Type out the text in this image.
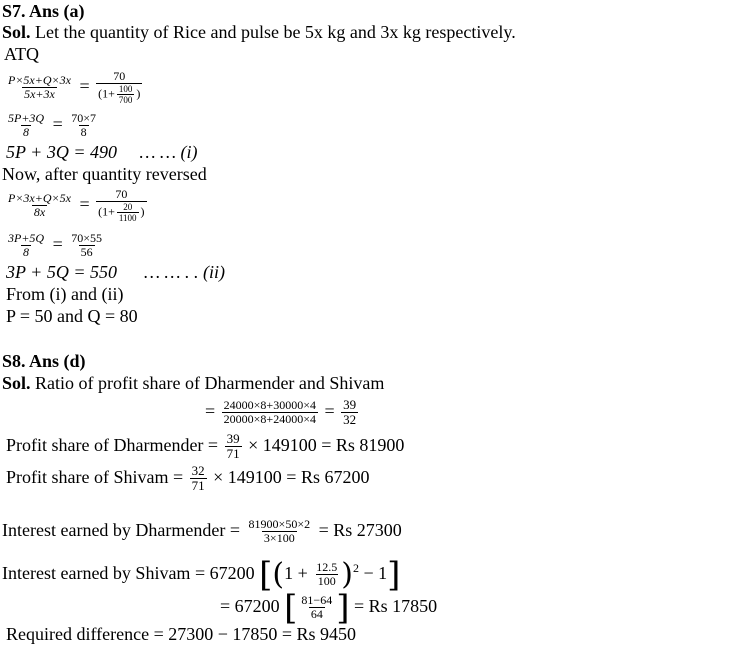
S7. Ans (a)
Sol. Let the quantity of Rice and pulse be 5x kg and 3x kg respectively.
ATQ
$\frac{P\times 5x+Q\times 3x}{5x+3x} = \frac{70}{(1+ \frac{100}{700} )}$
$\frac{5P+3Q}{8} = \frac{70\times 7}{8}$
5P + 3Q = 490 … … (i)
Now, after quantity reversed
$\frac{P\times 3x+Q\times 5x}{8x} = \frac{70}{(1+ \frac{20}{1100} )}$
$\frac{3P+5Q}{8} = \frac{70\times 55}{56}$
3P + 5Q = 550 … … . . (ii)
From (i) and (ii)
P = 50 and Q = 80
S8. Ans (d)
Sol. Ratio of profit share of Dharmender and Shivam
= $\frac{24000\times 8+30000\times 4}{20000\times 8+24000\times 4} = \frac{39}{32}$
Profit share of Dharmender = $\frac{39}{71} \times 149100 = Rs$ 81900
Profit share of Shivam = $\frac{32}{71} \times 149100 = Rs$ 67200
Interest earned by Dharmender = $\frac{81900\times 50\times 2}{3\times 100} = Rs$ 27300
Interest earned by Shivam = 67200 $[(1 + \frac{12.5}{100} )^2 - 1]$
= 67200 [ $\frac{81-64}{64}$ ] = Rs 17850
Required difference = 27300 − 17850 = Rs 9450
